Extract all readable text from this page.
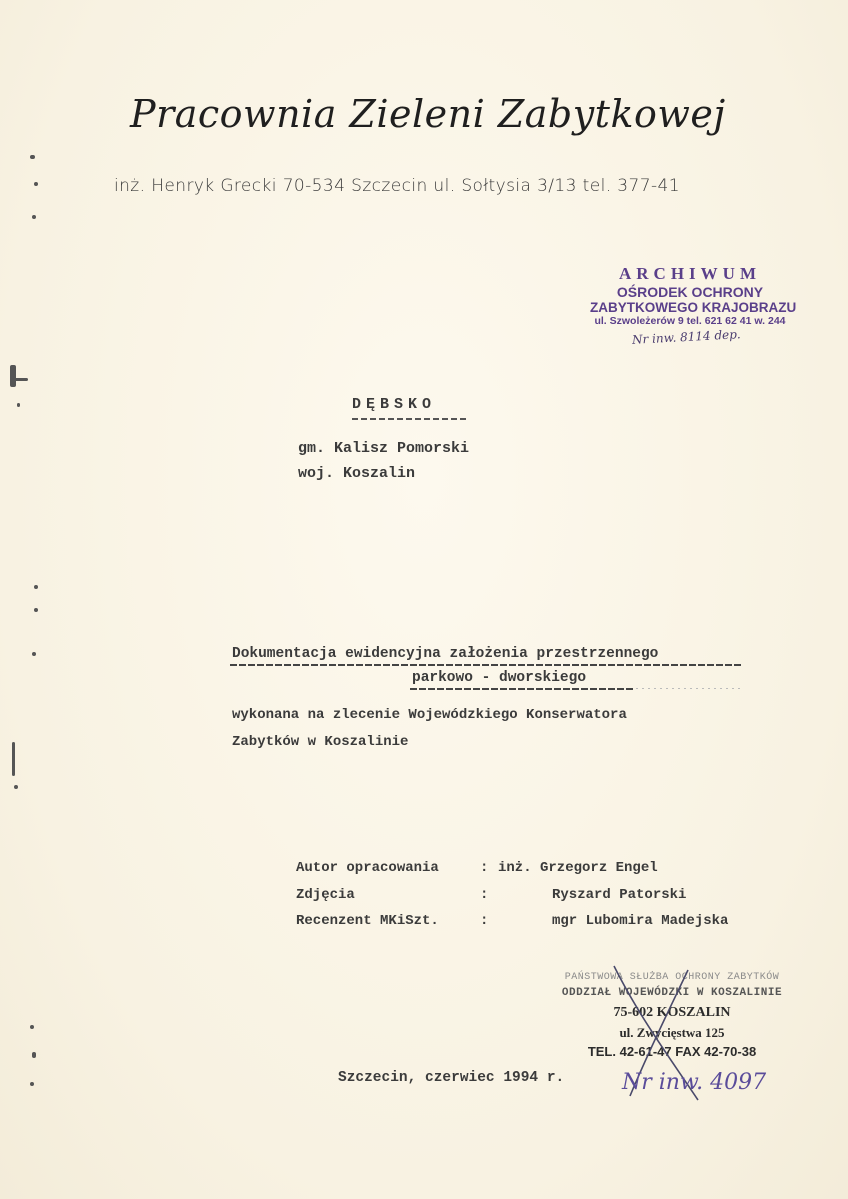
Pracownia Zieleni Zabytkowej
inż. Henryk Grecki 70-534 Szczecin ul. Sołtysia 3/13 tel. 377-41
ARCHIWUM
OŚRODEK OCHRONY
ZABYTKOWEGO KRAJOBRAZU
ul. Szwoleżerów 9 tel. 621 62 41 w. 244
Nr inw. 8114 dep.
DĘBSKO
gm. Kalisz Pomorski
woj. Koszalin
Dokumentacja ewidencyjna założenia przestrzennego
parkowo - dworskiego
wykonana na zlecenie Wojewódzkiego Konserwatora
Zabytków w Koszalinie
Autor opracowania	: inż. Grzegorz Engel
Zdjęcia	:	Ryszard Patorski
Recenzent MKiSzt.	:	mgr Lubomira Madejska
PAŃSTWOWA SŁUŻBA OCHRONY ZABYTKÓW
ODDZIAŁ WOJEWÓDZKI W KOSZALINIE
75-602 KOSZALIN
ul. Zwycięstwa 125
TEL. 42-61-47 FAX 42-70-38
Szczecin, czerwiec 1994 r.	Nr inw. 4097
